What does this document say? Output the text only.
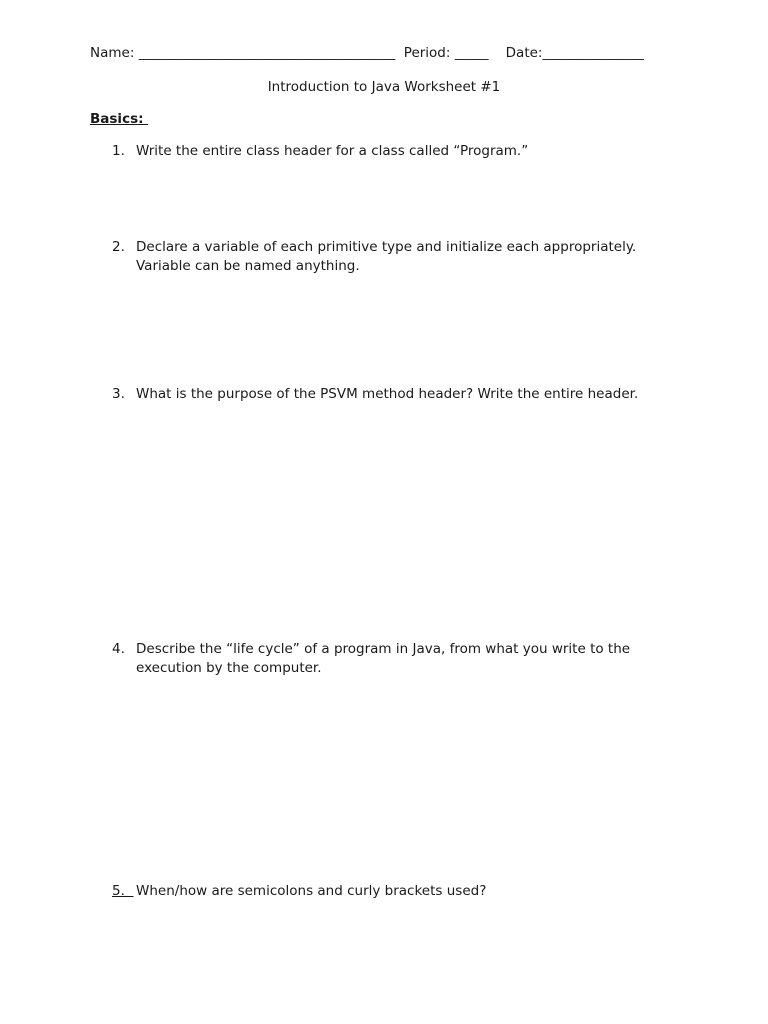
Name: ______________________________________ Period: _____ Date:_______________
Introduction to Java Worksheet #1
Basics:
1. Write the entire class header for a class called “Program.”
2. Declare a variable of each primitive type and initialize each appropriately. Variable can be named anything.
3. What is the purpose of the PSVM method header? Write the entire header.
4. Describe the “life cycle” of a program in Java, from what you write to the execution by the computer.
5. When/how are semicolons and curly brackets used?
